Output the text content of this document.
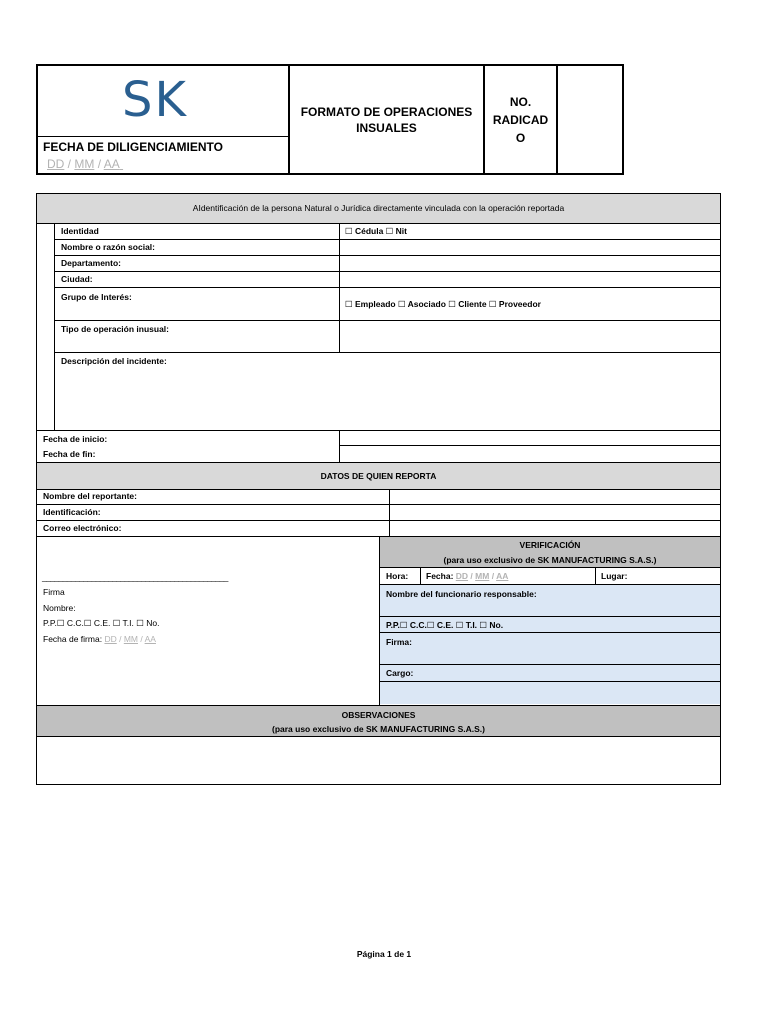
SK
FECHA DE DILIGENCIAMIENTO
DD / MM / AA
FORMATO DE OPERACIONES
INSUALES
NO.
RADICAD
O
AIdentificación de la persona Natural o Jurídica directamente vinculada con la operación reportada
Identidad	☐ Cédula ☐ Nit
Nombre o razón social:
Departamento:
Ciudad:
Grupo de Interés:
☐ Empleado ☐ Asociado ☐ Cliente ☐ Proveedor
Tipo de operación inusual:
Descripción del incidente:
Fecha de inicio:
Fecha de fin:
DATOS DE QUIEN REPORTA
Nombre del reportante:
Identificación:
Correo electrónico:
_____________________________________________
Firma
Nombre:
P.P.☐ C.C.☐ C.E. ☐ T.I. ☐ No.
Fecha de firma: DD / MM / AA
VERIFICACIÓN
(para uso exclusivo de SK MANUFACTURING S.A.S.)
Hora:	Fecha: DD / MM / AA	Lugar:
Nombre del funcionario responsable:
P.P.☐ C.C.☐ C.E. ☐ T.I. ☐ No.
Firma:
Cargo:
OBSERVACIONES
(para uso exclusivo de SK MANUFACTURING S.A.S.)
Página 1 de 1
